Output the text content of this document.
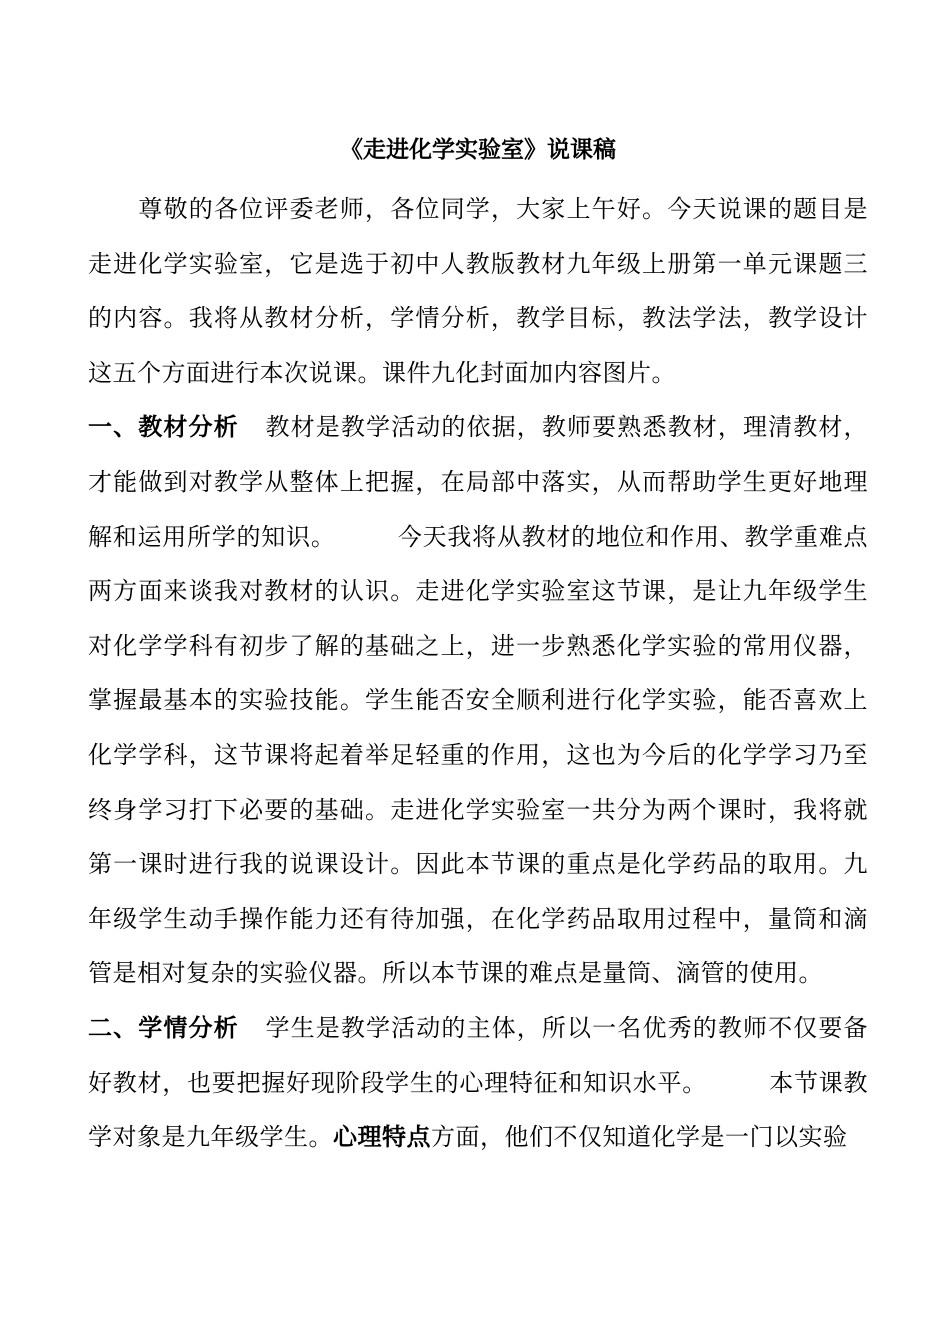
《走进化学实验室》说课稿

尊敬的各位评委老师，各位同学，大家上午好。今天说课的题目是走进化学实验室，它是选于初中人教版教材九年级上册第一单元课题三的内容。我将从教材分析，学情分析，教学目标，教法学法，教学设计这五个方面进行本次说课。课件九化封面加内容图片。

一、教材分析 教材是教学活动的依据，教师要熟悉教材，理清教材，才能做到对教学从整体上把握，在局部中落实，从而帮助学生更好地理解和运用所学的知识。	今天我将从教材的地位和作用、教学重难点两方面来谈我对教材的认识。走进化学实验室这节课，是让九年级学生对化学学科有初步了解的基础之上，进一步熟悉化学实验的常用仪器，掌握最基本的实验技能。学生能否安全顺利进行化学实验，能否喜欢上化学学科，这节课将起着举足轻重的作用，这也为今后的化学学习乃至终身学习打下必要的基础。走进化学实验室一共分为两个课时，我将就第一课时进行我的说课设计。因此本节课的重点是化学药品的取用。九年级学生动手操作能力还有待加强，在化学药品取用过程中，量筒和滴管是相对复杂的实验仪器。所以本节课的难点是量筒、滴管的使用。

二、学情分析 学生是教学活动的主体，所以一名优秀的教师不仅要备好教材，也要把握好现阶段学生的心理特征和知识水平。	本节课教学对象是九年级学生。心理特点方面，他们不仅知道化学是一门以实验
